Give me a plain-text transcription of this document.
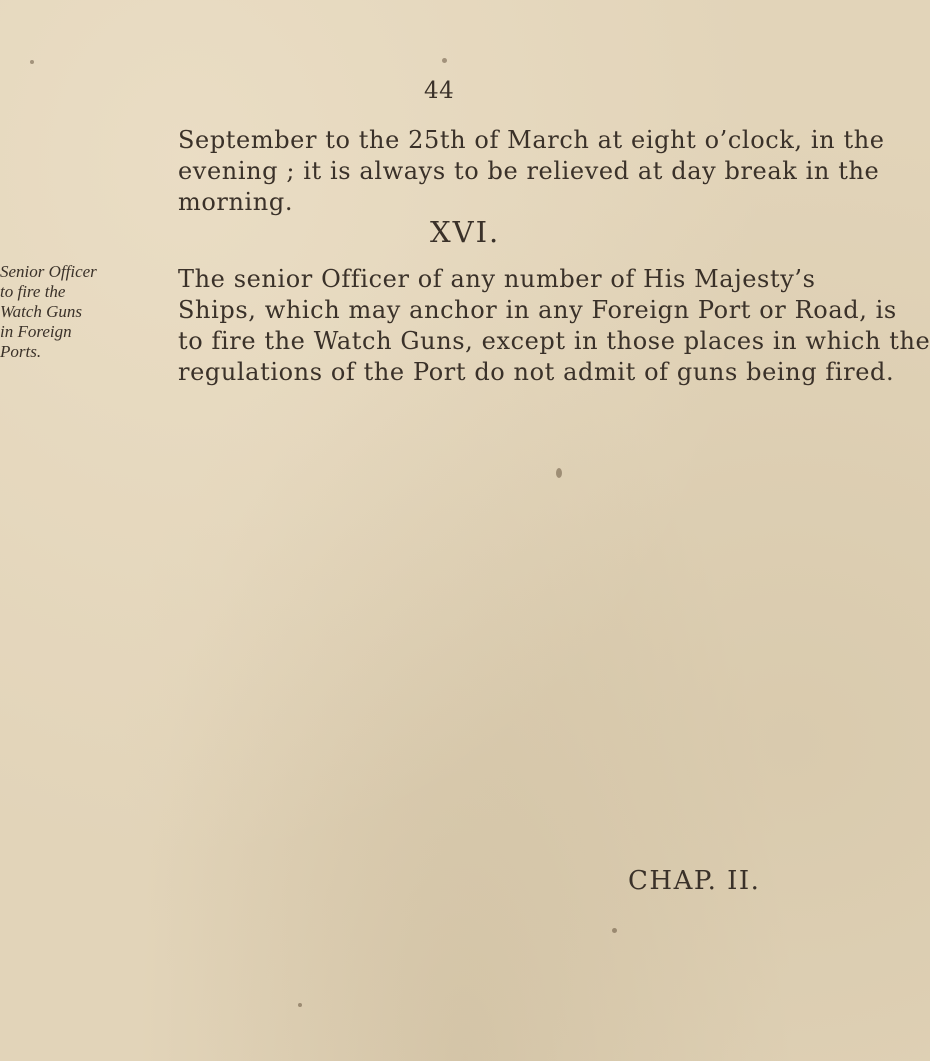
44
September to the 25th of March at eight o’clock, in the
evening ; it is always to be relieved at day break in the
morning.
XVI.
Senior Officer
to fire the
Watch Guns
in Foreign
Ports.
The senior Officer of any number of His Majesty’s
Ships, which may anchor in any Foreign Port or Road, is
to fire the Watch Guns, except in those places in which the
regulations of the Port do not admit of guns being fired.
CHAP. II.
